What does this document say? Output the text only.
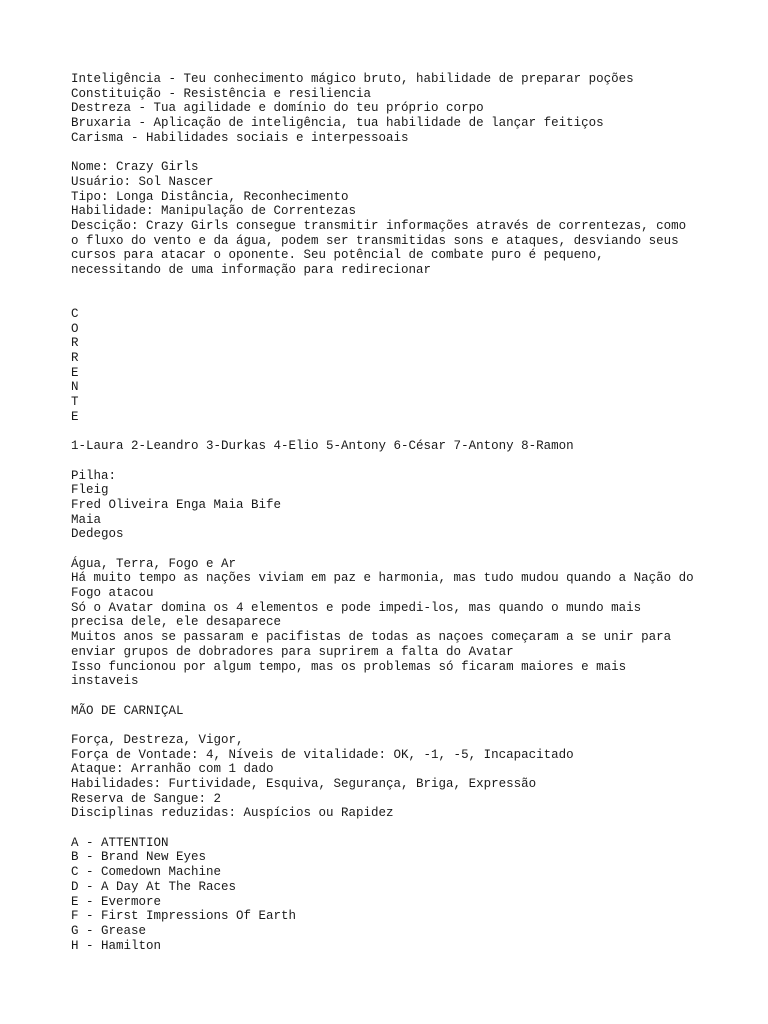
Inteligência - Teu conhecimento mágico bruto, habilidade de preparar poções
Constituição - Resistência e resiliencia
Destreza - Tua agilidade e domínio do teu próprio corpo
Bruxaria - Aplicação de inteligência, tua habilidade de lançar feitiços
Carisma - Habilidades sociais e interpessoais
Nome: Crazy Girls
Usuário: Sol Nascer
Tipo: Longa Distância, Reconhecimento
Habilidade: Manipulação de Correntezas
Descição: Crazy Girls consegue transmitir informações através de correntezas, como
o fluxo do vento e da água, podem ser transmitidas sons e ataques, desviando seus
cursos para atacar o oponente. Seu potêncial de combate puro é pequeno,
necessitando de uma informação para redirecionar
C
O
R
R
E
N
T
E
1-Laura 2-Leandro 3-Durkas 4-Elio 5-Antony 6-César 7-Antony 8-Ramon
Pilha:
Fleig
Fred Oliveira Enga Maia Bife
Maia
Dedegos
Água, Terra, Fogo e Ar
Há muito tempo as nações viviam em paz e harmonia, mas tudo mudou quando a Nação do
Fogo atacou
Só o Avatar domina os 4 elementos e pode impedi-los, mas quando o mundo mais
precisa dele, ele desaparece
Muitos anos se passaram e pacifistas de todas as naçoes começaram a se unir para
enviar grupos de dobradores para suprirem a falta do Avatar
Isso funcionou por algum tempo, mas os problemas só ficaram maiores e mais
instaveis
MÃO DE CARNIÇAL
Força, Destreza, Vigor,
Força de Vontade: 4, Níveis de vitalidade: OK, -1, -5, Incapacitado
Ataque: Arranhão com 1 dado
Habilidades: Furtividade, Esquiva, Segurança, Briga, Expressão
Reserva de Sangue: 2
Disciplinas reduzidas: Auspícios ou Rapidez
A - ATTENTION
B - Brand New Eyes
C - Comedown Machine
D - A Day At The Races
E - Evermore
F - First Impressions Of Earth
G - Grease
H - Hamilton
